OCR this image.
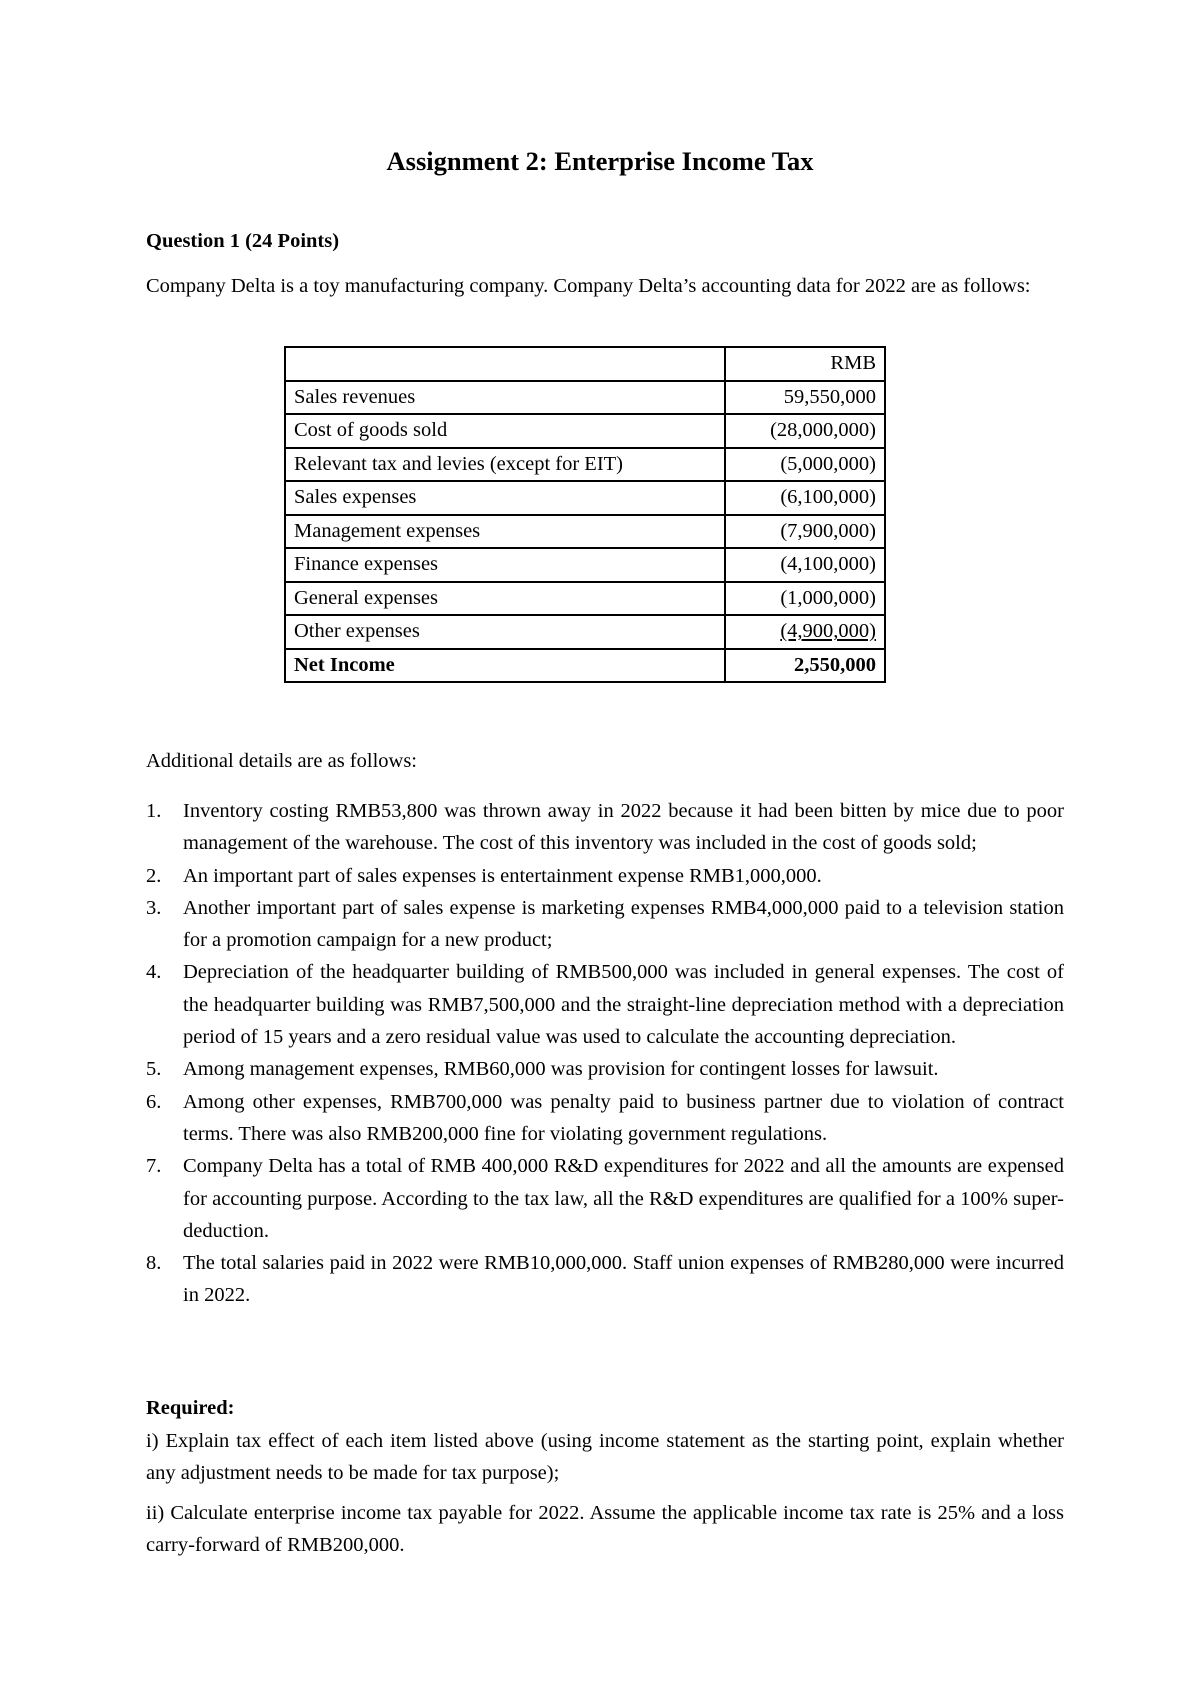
Assignment 2: Enterprise Income Tax
Question 1 (24 Points)
Company Delta is a toy manufacturing company. Company Delta’s accounting data for 2022 are as follows:
	RMB
Sales revenues	59,550,000
Cost of goods sold	(28,000,000)
Relevant tax and levies (except for EIT)	(5,000,000)
Sales expenses	(6,100,000)
Management expenses	(7,900,000)
Finance expenses	(4,100,000)
General expenses	(1,000,000)
Other expenses	(4,900,000)
Net Income	2,550,000
Additional details are as follows:
1. Inventory costing RMB53,800 was thrown away in 2022 because it had been bitten by mice due to poor management of the warehouse. The cost of this inventory was included in the cost of goods sold;
2. An important part of sales expenses is entertainment expense RMB1,000,000.
3. Another important part of sales expense is marketing expenses RMB4,000,000 paid to a television station for a promotion campaign for a new product;
4. Depreciation of the headquarter building of RMB500,000 was included in general expenses. The cost of the headquarter building was RMB7,500,000 and the straight-line depreciation method with a depreciation period of 15 years and a zero residual value was used to calculate the accounting depreciation.
5. Among management expenses, RMB60,000 was provision for contingent losses for lawsuit.
6. Among other expenses, RMB700,000 was penalty paid to business partner due to violation of contract terms. There was also RMB200,000 fine for violating government regulations.
7. Company Delta has a total of RMB 400,000 R&D expenditures for 2022 and all the amounts are expensed for accounting purpose. According to the tax law, all the R&D expenditures are qualified for a 100% super-deduction.
8. The total salaries paid in 2022 were RMB10,000,000. Staff union expenses of RMB280,000 were incurred in 2022.
Required:
i) Explain tax effect of each item listed above (using income statement as the starting point, explain whether any adjustment needs to be made for tax purpose);
ii) Calculate enterprise income tax payable for 2022. Assume the applicable income tax rate is 25% and a loss carry-forward of RMB200,000.
